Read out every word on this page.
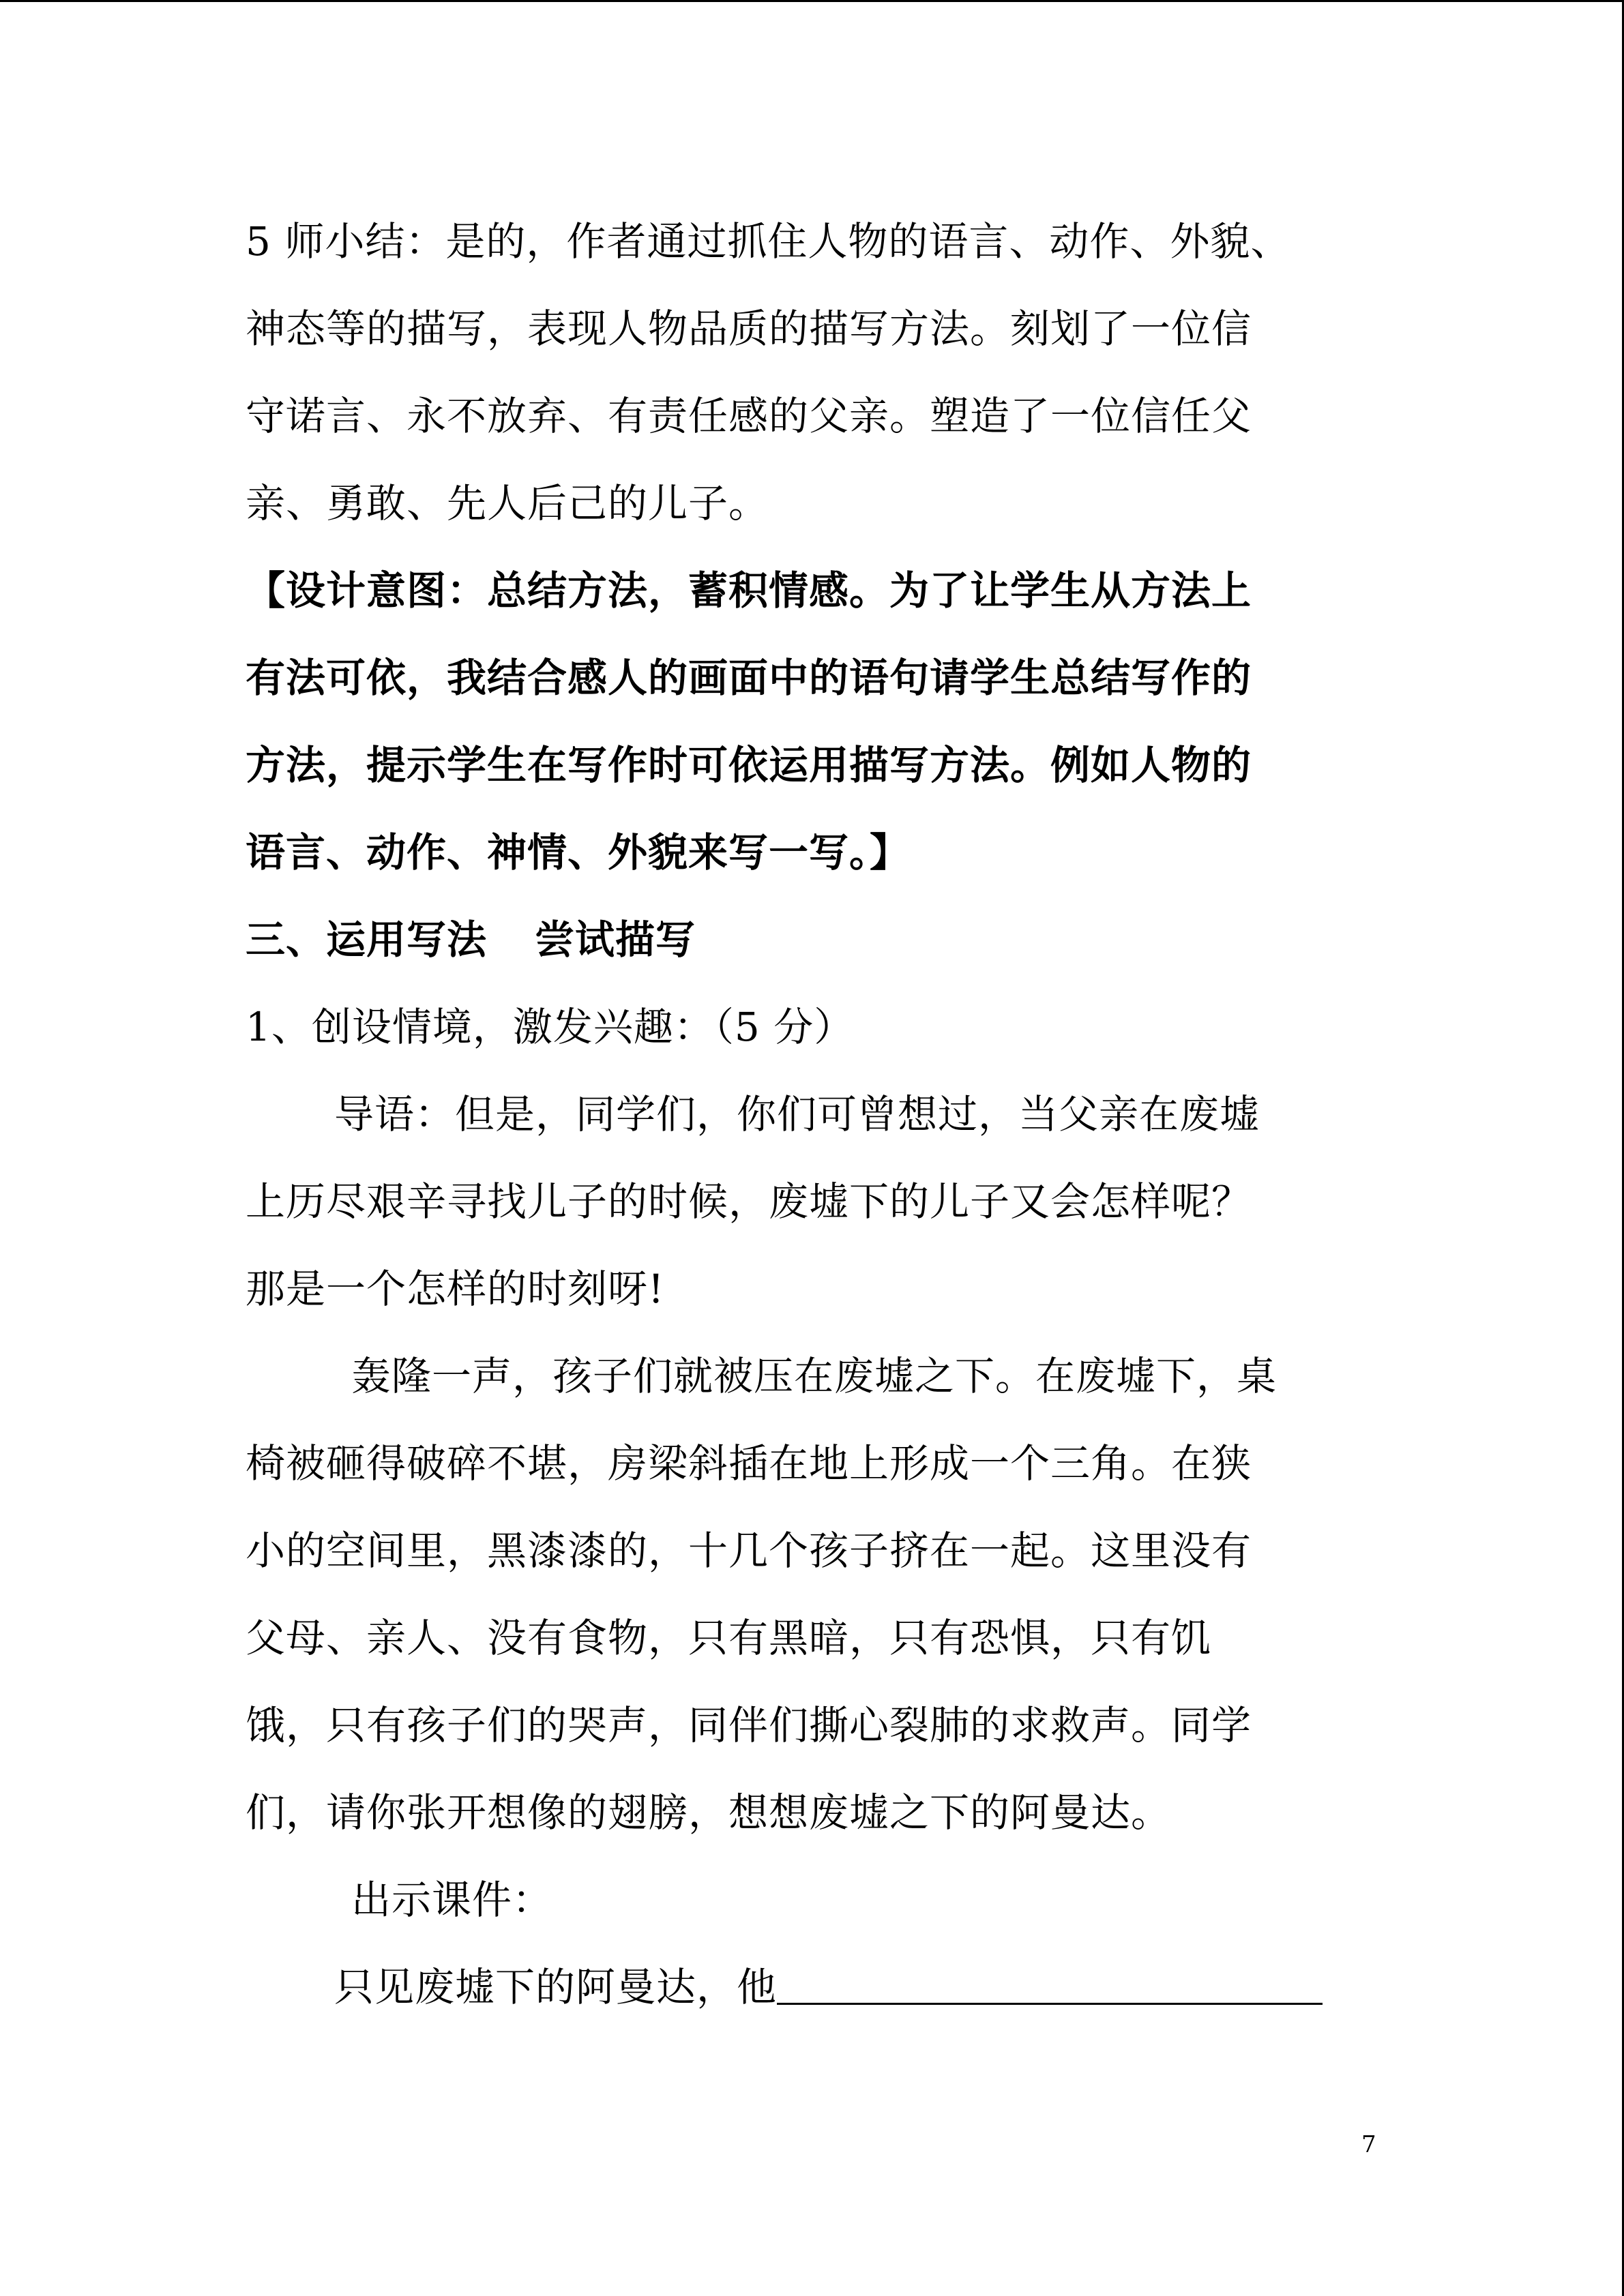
5 师小结：是的，作者通过抓住人物的语言、动作、外貌、
神态等的描写，表现人物品质的描写方法。刻划了一位信
守诺言、永不放弃、有责任感的父亲。塑造了一位信任父
亲、勇敢、先人后己的儿子。
【设计意图：总结方法，蓄积情感。为了让学生从方法上
有法可依，我结合感人的画面中的语句请学生总结写作的
方法，提示学生在写作时可依运用描写方法。例如人物的
语言、动作、神情、外貌来写一写。】
三、运用写法 尝试描写
1、创设情境，激发兴趣：（5 分）
导语：但是，同学们，你们可曾想过，当父亲在废墟
上历尽艰辛寻找儿子的时候，废墟下的儿子又会怎样呢？
那是一个怎样的时刻呀!
轰隆一声，孩子们就被压在废墟之下。在废墟下，桌
椅被砸得破碎不堪，房梁斜插在地上形成一个三角。在狭
小的空间里，黑漆漆的，十几个孩子挤在一起。这里没有
父母、亲人、没有食物，只有黑暗，只有恐惧，只有饥
饿，只有孩子们的哭声，同伴们撕心裂肺的求救声。同学
们，请你张开想像的翅膀，想想废墟之下的阿曼达。
出示课件：
只见废墟下的阿曼达，他
7
